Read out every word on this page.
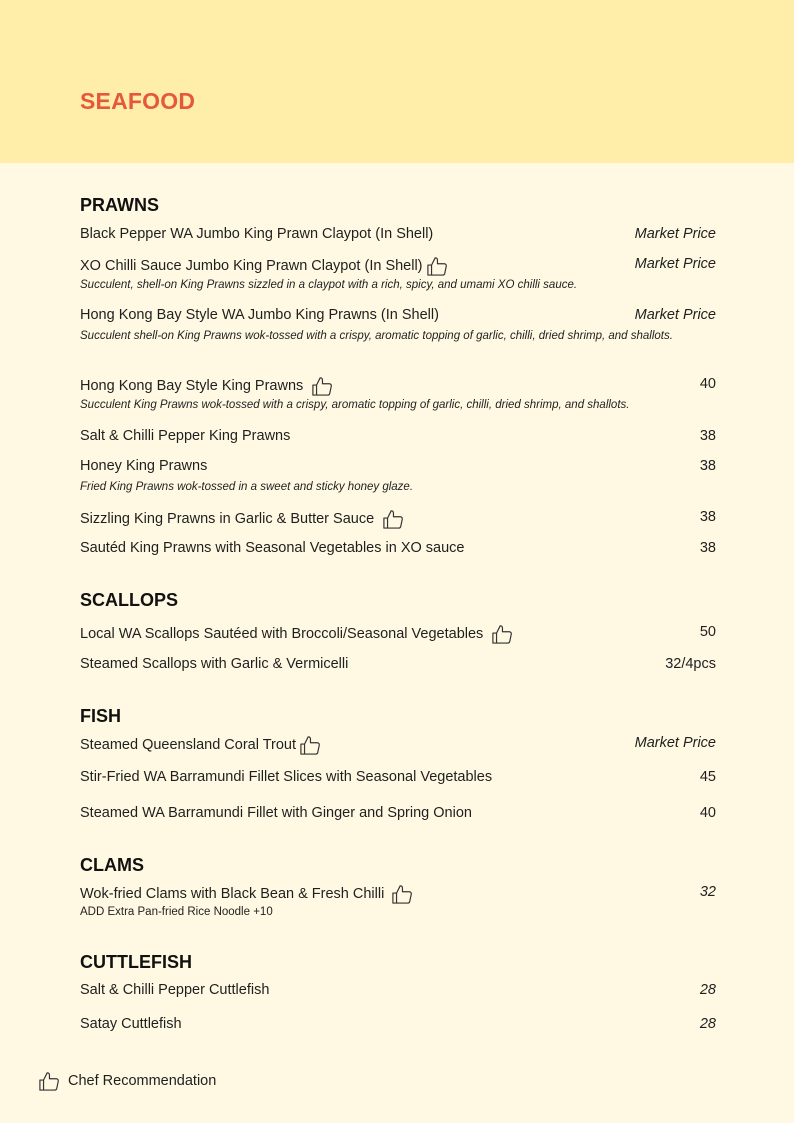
SEAFOOD
PRAWNS
Black Pepper WA Jumbo King Prawn Claypot (In Shell)	Market Price
XO Chilli Sauce Jumbo King Prawn Claypot (In Shell)	Market Price
Succulent, shell-on King Prawns sizzled in a claypot with a rich, spicy, and umami XO chilli sauce.
Hong Kong Bay Style WA Jumbo King Prawns (In Shell)	Market Price
Succulent shell-on King Prawns wok-tossed with a crispy, aromatic topping of garlic, chilli, dried shrimp, and shallots.
Hong Kong Bay Style King Prawns	40
Succulent King Prawns wok-tossed with a crispy, aromatic topping of garlic, chilli, dried shrimp, and shallots.
Salt & Chilli Pepper King Prawns	38
Honey King Prawns	38
Fried King Prawns wok-tossed in a sweet and sticky honey glaze.
Sizzling King Prawns in Garlic & Butter Sauce	38
Sautéd King Prawns with Seasonal Vegetables in XO sauce	38
SCALLOPS
Local WA Scallops Sautéed with Broccoli/Seasonal Vegetables	50
Steamed Scallops with Garlic & Vermicelli	32/4pcs
FISH
Steamed Queensland Coral Trout	Market Price
Stir-Fried WA Barramundi Fillet Slices with Seasonal Vegetables	45
Steamed WA Barramundi Fillet with Ginger and Spring Onion	40
CLAMS
Wok-fried Clams with Black Bean & Fresh Chilli	32
ADD Extra Pan-fried Rice Noodle +10
CUTTLEFISH
Salt & Chilli Pepper Cuttlefish	28
Satay Cuttlefish	28
Chef Recommendation
